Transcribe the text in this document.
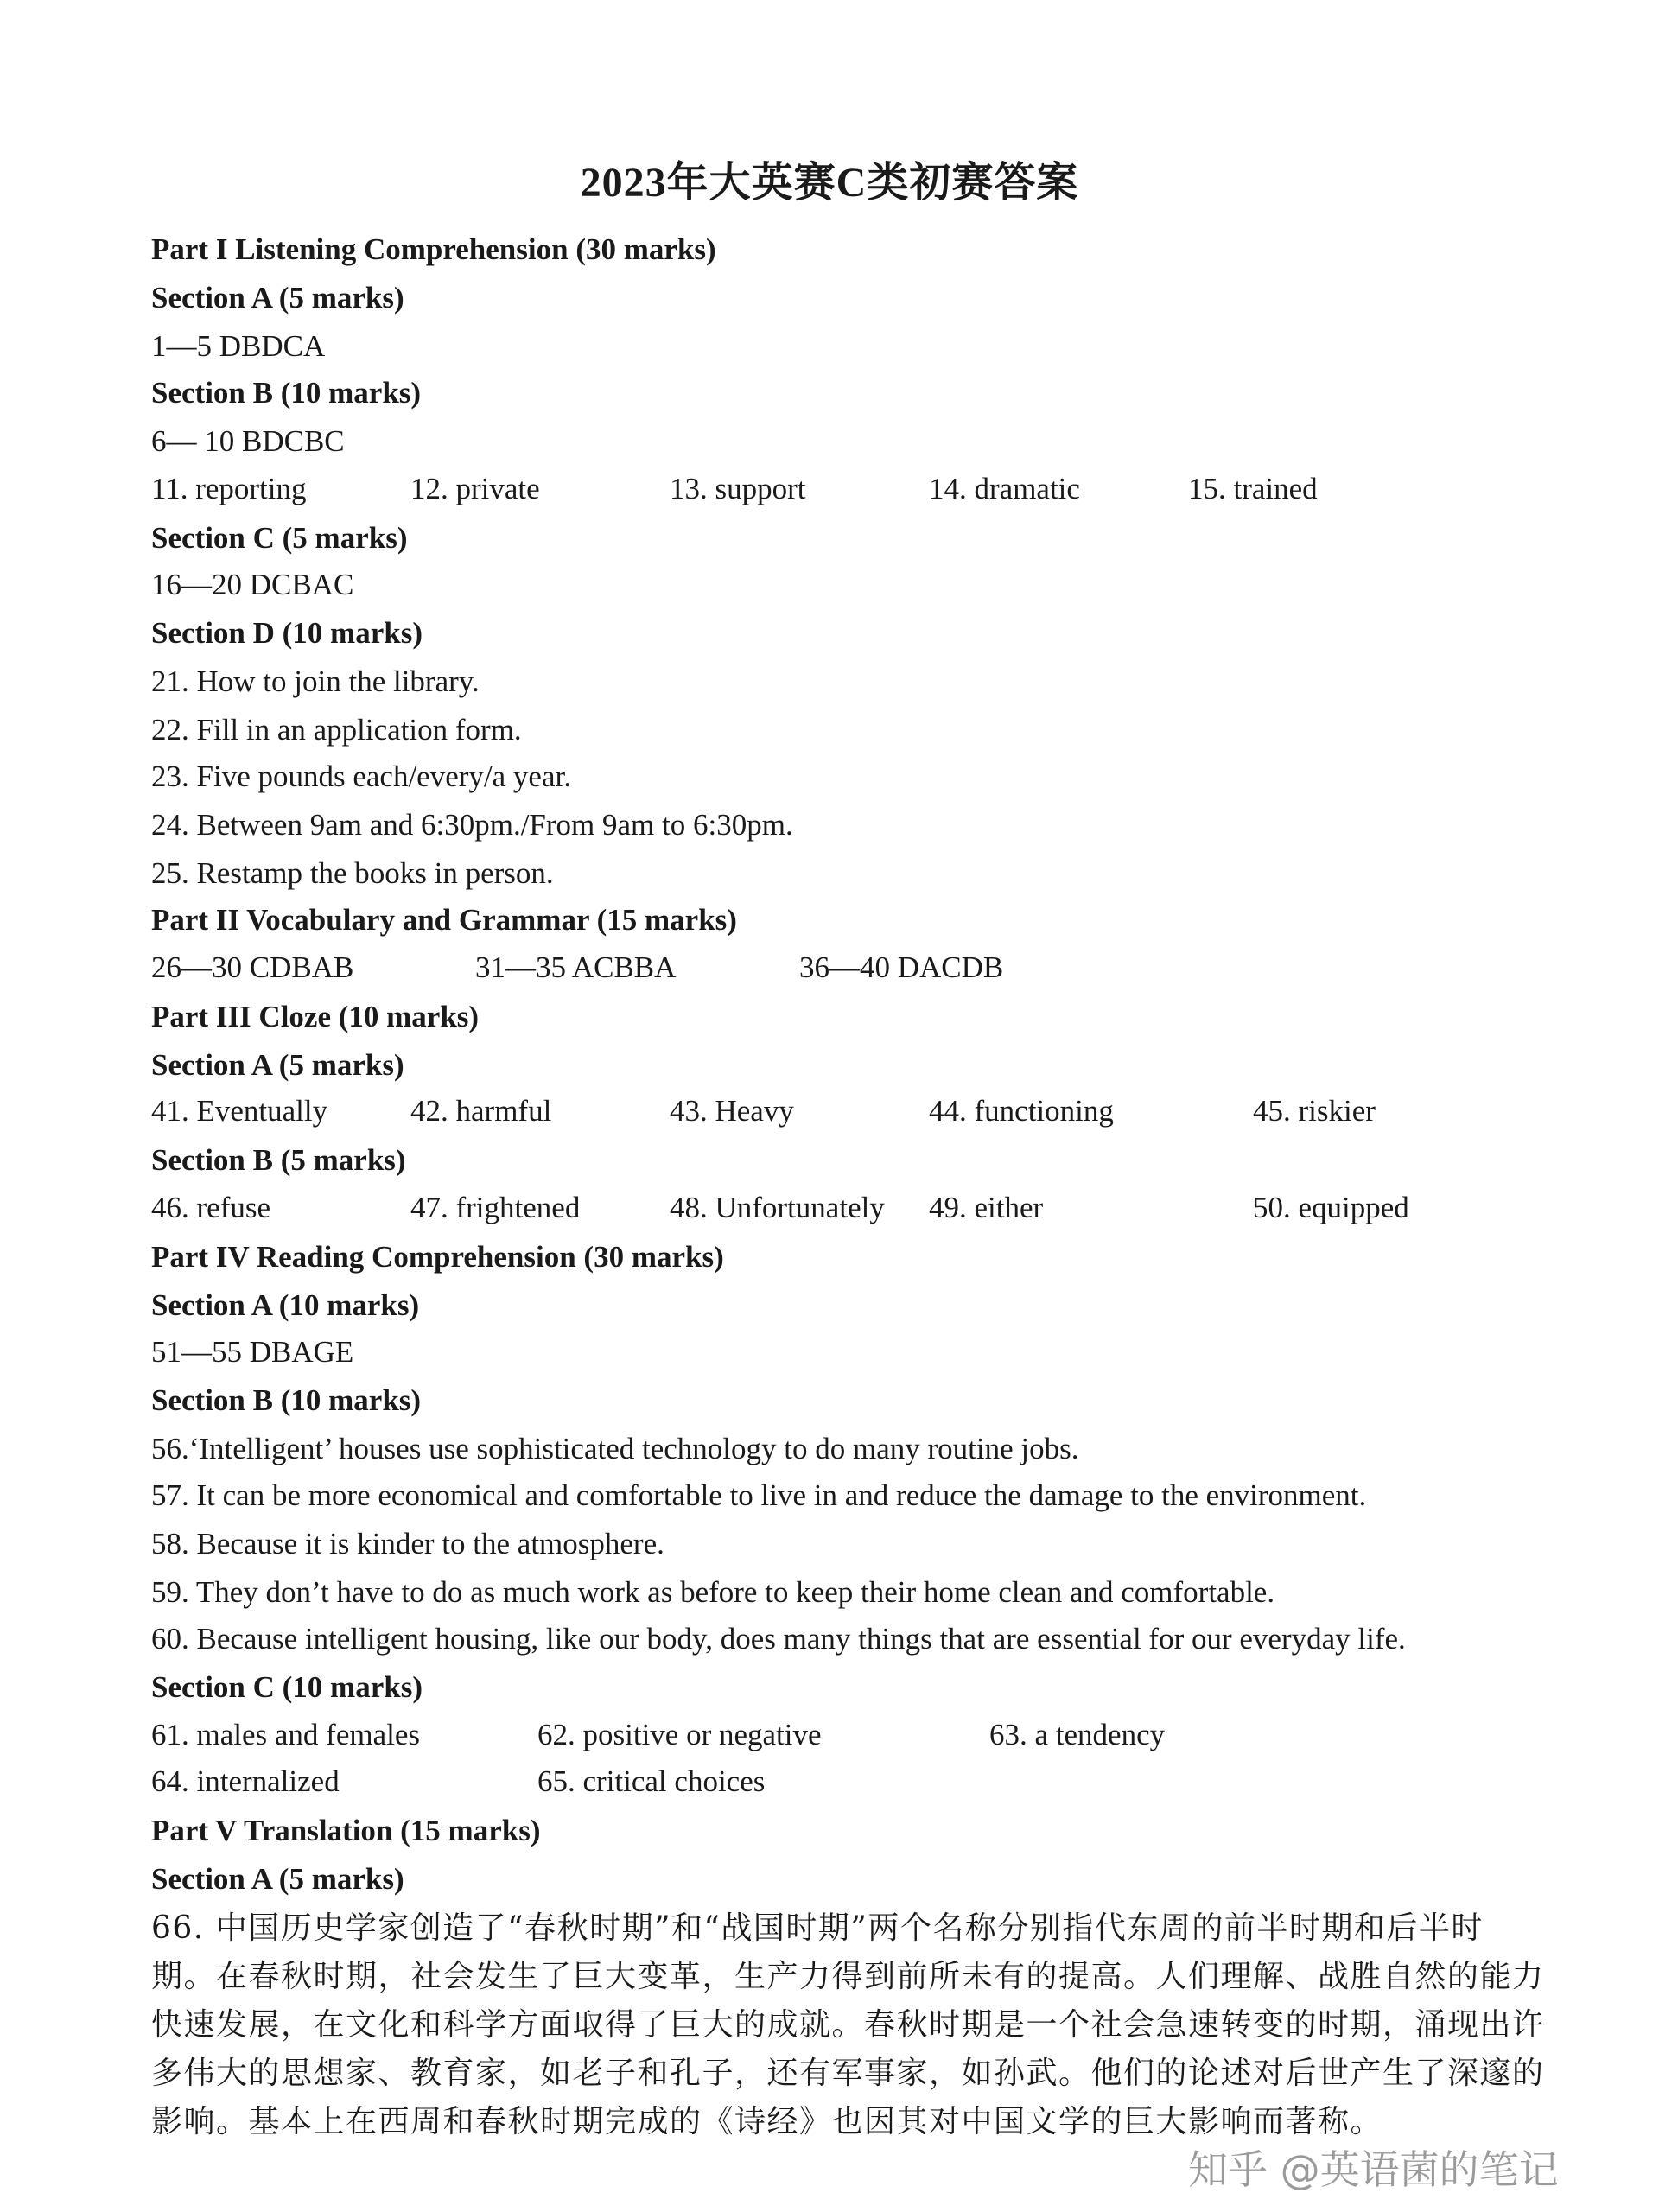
2023年大英赛C类初赛答案
Part I Listening Comprehension (30 marks)
Section A (5 marks)
1—5 DBDCA
Section B (10 marks)
6— 10 BDCBC
11. reporting	12. private	13. support	14. dramatic	15. trained
Section C (5 marks)
16—20 DCBAC
Section D (10 marks)
21. How to join the library.
22. Fill in an application form.
23. Five pounds each/every/a year.
24. Between 9am and 6:30pm./From 9am to 6:30pm.
25. Restamp the books in person.
Part II Vocabulary and Grammar (15 marks)
26—30 CDBAB	31—35 ACBBA	36—40 DACDB
Part III Cloze (10 marks)
Section A (5 marks)
41. Eventually	42. harmful	43. Heavy	44. functioning	45. riskier
Section B (5 marks)
46. refuse	47. frightened	48. Unfortunately 49. either	50. equipped
Part IV Reading Comprehension (30 marks)
Section A (10 marks)
51—55 DBAGE
Section B (10 marks)
56.‘Intelligent’ houses use sophisticated technology to do many routine jobs.
57. It can be more economical and comfortable to live in and reduce the damage to the environment.
58. Because it is kinder to the atmosphere.
59. They don’t have to do as much work as before to keep their home clean and comfortable.
60. Because intelligent housing, like our body, does many things that are essential for our everyday life.
Section C (10 marks)
61. males and females	62. positive or negative	63. a tendency
64. internalized	65. critical choices
Part V Translation (15 marks)
Section A (5 marks)
66. 中国历史学家创造了“春秋时期”和“战国时期”两个名称分别指代东周的前半时期和后半时
期。在春秋时期，社会发生了巨大变革，生产力得到前所未有的提高。人们理解、战胜自然的能力
快速发展，在文化和科学方面取得了巨大的成就。春秋时期是一个社会急速转变的时期，涌现出许
多伟大的思想家、教育家，如老子和孔子，还有军事家，如孙武。他们的论述对后世产生了深邃的
影响。基本上在西周和春秋时期完成的《诗经》也因其对中国文学的巨大影响而著称。
知乎 @英语菌的笔记
